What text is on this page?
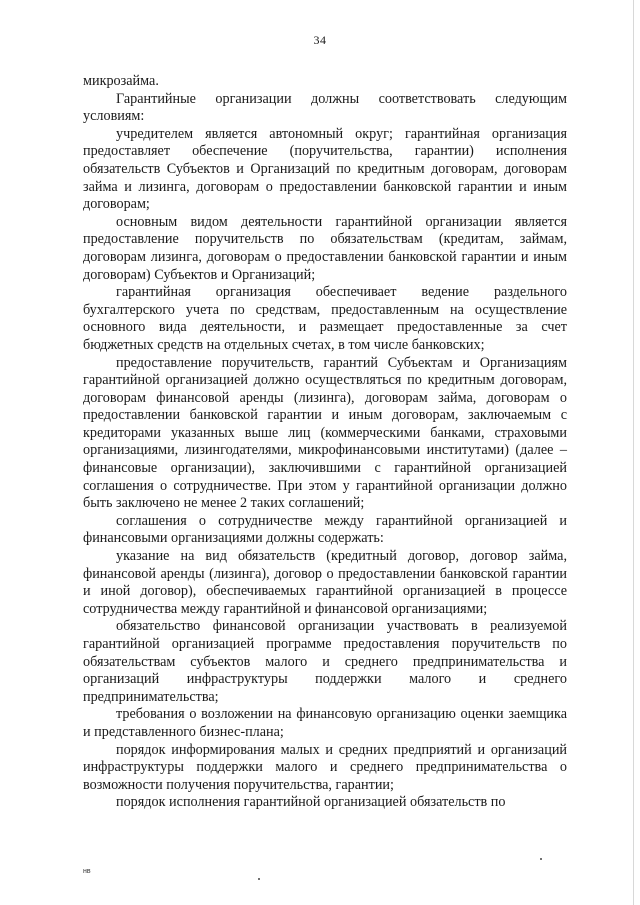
34

микрозайма.

Гарантийные организации должны соответствовать следующим условиям:

учредителем является автономный округ; гарантийная организация предоставляет обеспечение (поручительства, гарантии) исполнения обязательств Субъектов и Организаций по кредитным договорам, договорам займа и лизинга, договорам о предоставлении банковской гарантии и иным договорам;

основным видом деятельности гарантийной организации является предоставление поручительств по обязательствам (кредитам, займам, договорам лизинга, договорам о предоставлении банковской гарантии и иным договорам) Субъектов и Организаций;

гарантийная организация обеспечивает ведение раздельного бухгалтерского учета по средствам, предоставленным на осуществление основного вида деятельности, и размещает предоставленные за счет бюджетных средств на отдельных счетах, в том числе банковских;

предоставление поручительств, гарантий Субъектам и Организациям гарантийной организацией должно осуществляться по кредитным договорам, договорам финансовой аренды (лизинга), договорам займа, договорам о предоставлении банковской гарантии и иным договорам, заключаемым с кредиторами указанных выше лиц (коммерческими банками, страховыми организациями, лизингодателями, микрофинансовыми институтами) (далее – финансовые организации), заключившими с гарантийной организацией соглашения о сотрудничестве. При этом у гарантийной организации должно быть заключено не менее 2 таких соглашений;

соглашения о сотрудничестве между гарантийной организацией и финансовыми организациями должны содержать:

указание на вид обязательств (кредитный договор, договор займа, финансовой аренды (лизинга), договор о предоставлении банковской гарантии и иной договор), обеспечиваемых гарантийной организацией в процессе сотрудничества между гарантийной и финансовой организациями;

обязательство финансовой организации участвовать в реализуемой гарантийной организацией программе предоставления поручительств по обязательствам субъектов малого и среднего предпринимательства и организаций инфраструктуры поддержки малого и среднего предпринимательства;

требования о возложении на финансовую организацию оценки заемщика и представленного бизнес-плана;

порядок информирования малых и средних предприятий и организаций инфраструктуры поддержки малого и среднего предпринимательства о возможности получения поручительства, гарантии;

порядок исполнения гарантийной организацией обязательств по

нв
